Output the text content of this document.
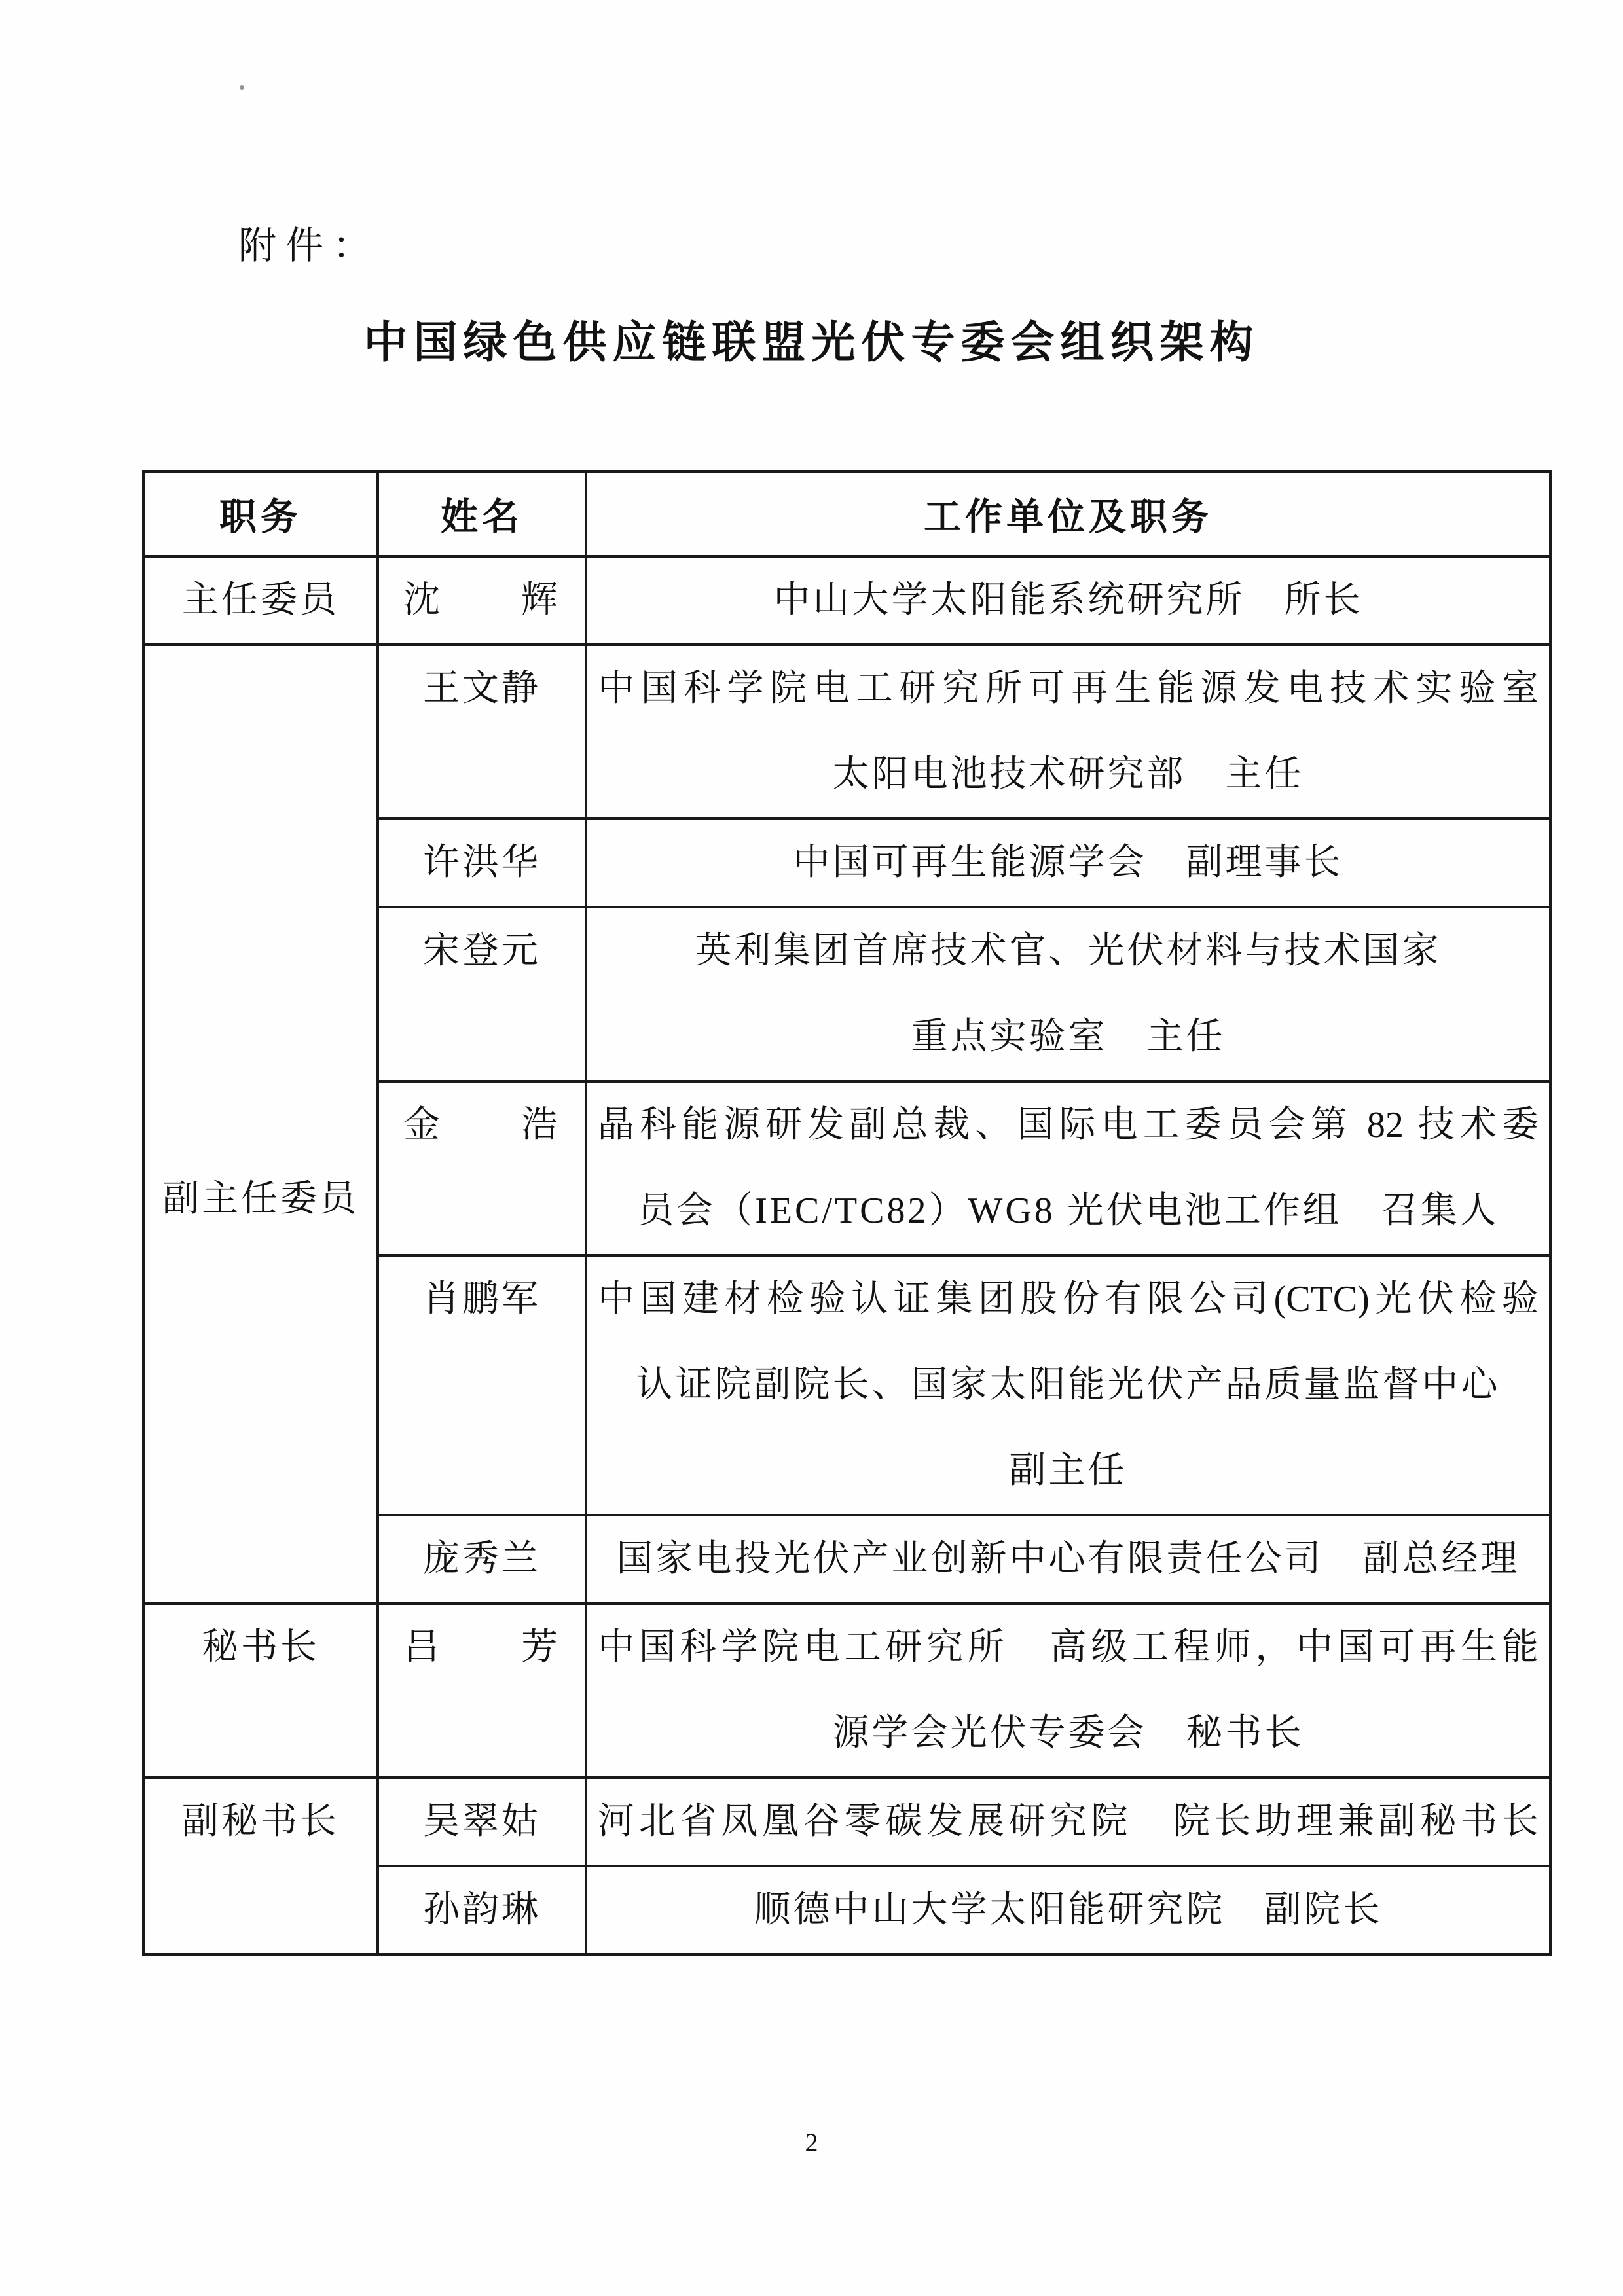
附件：
中国绿色供应链联盟光伏专委会组织架构
职务	姓名	工作单位及职务
主任委员	沈　　辉	中山大学太阳能系统研究所　所长

副主任委员	王文静	中国科学院电工研究所可再生能源发电技术实验室
太阳电池技术研究部　主任

	许洪华	中国可再生能源学会　副理事长

	宋登元	英利集团首席技术官、光伏材料与技术国家
重点实验室　主任

	金　　浩	晶科能源研发副总裁、国际电工委员会第 82 技术委
员会（IEC/TC82）WG8 光伏电池工作组　召集人

	肖鹏军	中国建材检验认证集团股份有限公司(CTC)光伏检验
认证院副院长、国家太阳能光伏产品质量监督中心
副主任

	庞秀兰	国家电投光伏产业创新中心有限责任公司　副总经理

秘书长	吕　　芳	中国科学院电工研究所　高级工程师，中国可再生能
源学会光伏专委会　秘书长

副秘书长	吴翠姑	河北省凤凰谷零碳发展研究院　院长助理兼副秘书长

	孙韵琳	顺德中山大学太阳能研究院　副院长
2
